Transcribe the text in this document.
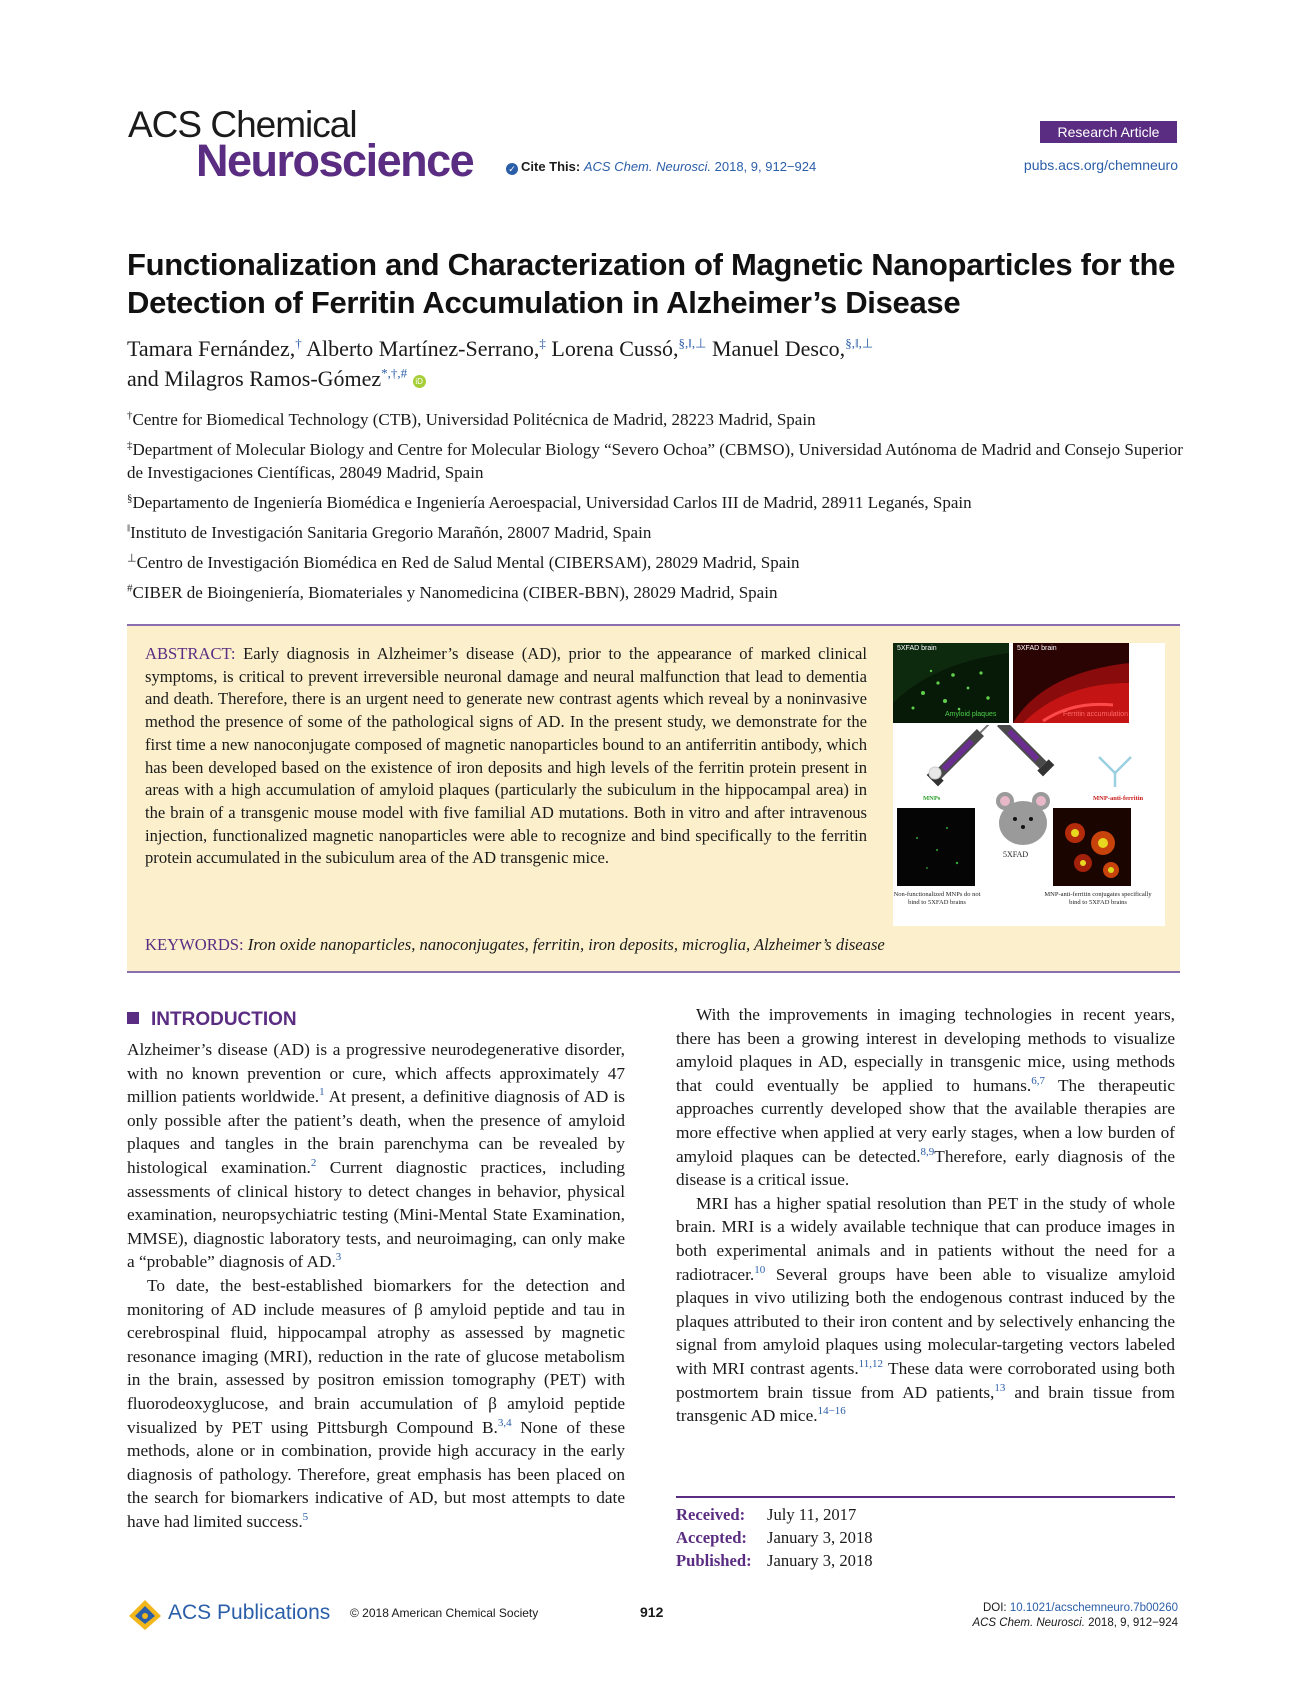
ACS Chemical
Neuroscience	✓ Cite This: ACS Chem. Neurosci. 2018, 9, 912−924
Research Article
pubs.acs.org/chemneuro
Functionalization and Characterization of Magnetic Nanoparticles for the Detection of Ferritin Accumulation in Alzheimer’s Disease
Tamara Fernández,† Alberto Martínez-Serrano,‡ Lorena Cussó,§,‖,⊥ Manuel Desco,§,‖,⊥
and Milagros Ramos-Gómez*,†,# iD
†Centre for Biomedical Technology (CTB), Universidad Politécnica de Madrid, 28223 Madrid, Spain
‡Department of Molecular Biology and Centre for Molecular Biology “Severo Ochoa” (CBMSO), Universidad Autónoma de Madrid and Consejo Superior de Investigaciones Científicas, 28049 Madrid, Spain
§Departamento de Ingeniería Biomédica e Ingeniería Aeroespacial, Universidad Carlos III de Madrid, 28911 Leganés, Spain
‖Instituto de Investigación Sanitaria Gregorio Marañón, 28007 Madrid, Spain
⊥Centro de Investigación Biomédica en Red de Salud Mental (CIBERSAM), 28029 Madrid, Spain
#CIBER de Bioingeniería, Biomateriales y Nanomedicina (CIBER-BBN), 28029 Madrid, Spain
ABSTRACT: Early diagnosis in Alzheimer’s disease (AD), prior to the appearance of marked clinical symptoms, is critical to prevent irreversible neuronal damage and neural malfunction that lead to dementia and death. Therefore, there is an urgent need to generate new contrast agents which reveal by a noninvasive method the presence of some of the pathological signs of AD. In the present study, we demonstrate for the first time a new nanoconjugate composed of magnetic nanoparticles bound to an antiferritin antibody, which has been developed based on the existence of iron deposits and high levels of the ferritin protein present in areas with a high accumulation of amyloid plaques (particularly the subiculum in the hippocampal area) in the brain of a transgenic mouse model with five familial AD mutations. Both in vitro and after intravenous injection, functionalized magnetic nanoparticles were able to recognize and bind specifically to the ferritin protein accumulated in the subiculum area of the AD transgenic mice.
5XFAD brain
Amyloid plaques
5XFAD brain
Ferritin accumulation
MNPs	MNP-anti-ferritin
5XFAD
Non-functionalized MNPs do not bind to 5XFAD brains
MNP-anti-ferritin conjugates specifically bind to 5XFAD brains
KEYWORDS: Iron oxide nanoparticles, nanoconjugates, ferritin, iron deposits, microglia, Alzheimer’s disease
INTRODUCTION

Alzheimer’s disease (AD) is a progressive neurodegenerative disorder, with no known prevention or cure, which affects approximately 47 million patients worldwide.$^1$ At present, a definitive diagnosis of AD is only possible after the patient’s death, when the presence of amyloid plaques and tangles in the brain parenchyma can be revealed by histological examination.$^2$ Current diagnostic practices, including assessments of clinical history to detect changes in behavior, physical examination, neuropsychiatric testing (Mini-Mental State Examination, MMSE), diagnostic laboratory tests, and neuroimaging, can only make a “probable” diagnosis of AD.$^3$

To date, the best-established biomarkers for the detection and monitoring of AD include measures of β amyloid peptide and tau in cerebrospinal fluid, hippocampal atrophy as assessed by magnetic resonance imaging (MRI), reduction in the rate of glucose metabolism in the brain, assessed by positron emission tomography (PET) with fluorodeoxyglucose, and brain accumulation of β amyloid peptide visualized by PET using Pittsburgh Compound B.$^{3,4}$ None of these methods, alone or in combination, provide high accuracy in the early diagnosis of pathology. Therefore, great emphasis has been placed on the search for biomarkers indicative of AD, but most attempts to date have had limited success.$^5$

With the improvements in imaging technologies in recent years, there has been a growing interest in developing methods to visualize amyloid plaques in AD, especially in transgenic mice, using methods that could eventually be applied to humans.$^{6,7}$ The therapeutic approaches currently developed show that the available therapies are more effective when applied at very early stages, when a low burden of amyloid plaques can be detected.$^{8,9}$Therefore, early diagnosis of the disease is a critical issue.

MRI has a higher spatial resolution than PET in the study of whole brain. MRI is a widely available technique that can produce images in both experimental animals and in patients without the need for a radiotracer.$^{10}$ Several groups have been able to visualize amyloid plaques in vivo utilizing both the endogenous contrast induced by the plaques attributed to their iron content and by selectively enhancing the signal from amyloid plaques using molecular-targeting vectors labeled with MRI contrast agents.$^{11,12}$ These data were corroborated using both postmortem brain tissue from AD patients,$^{13}$ and brain tissue from transgenic AD mice.$^{14-16}$

Received: July 11, 2017
Accepted: January 3, 2018
Published: January 3, 2018
ACS Publications © 2018 American Chemical Society	912	DOI: 10.1021/acschemneuro.7b00260
ACS Chem. Neurosci. 2018, 9, 912−924
